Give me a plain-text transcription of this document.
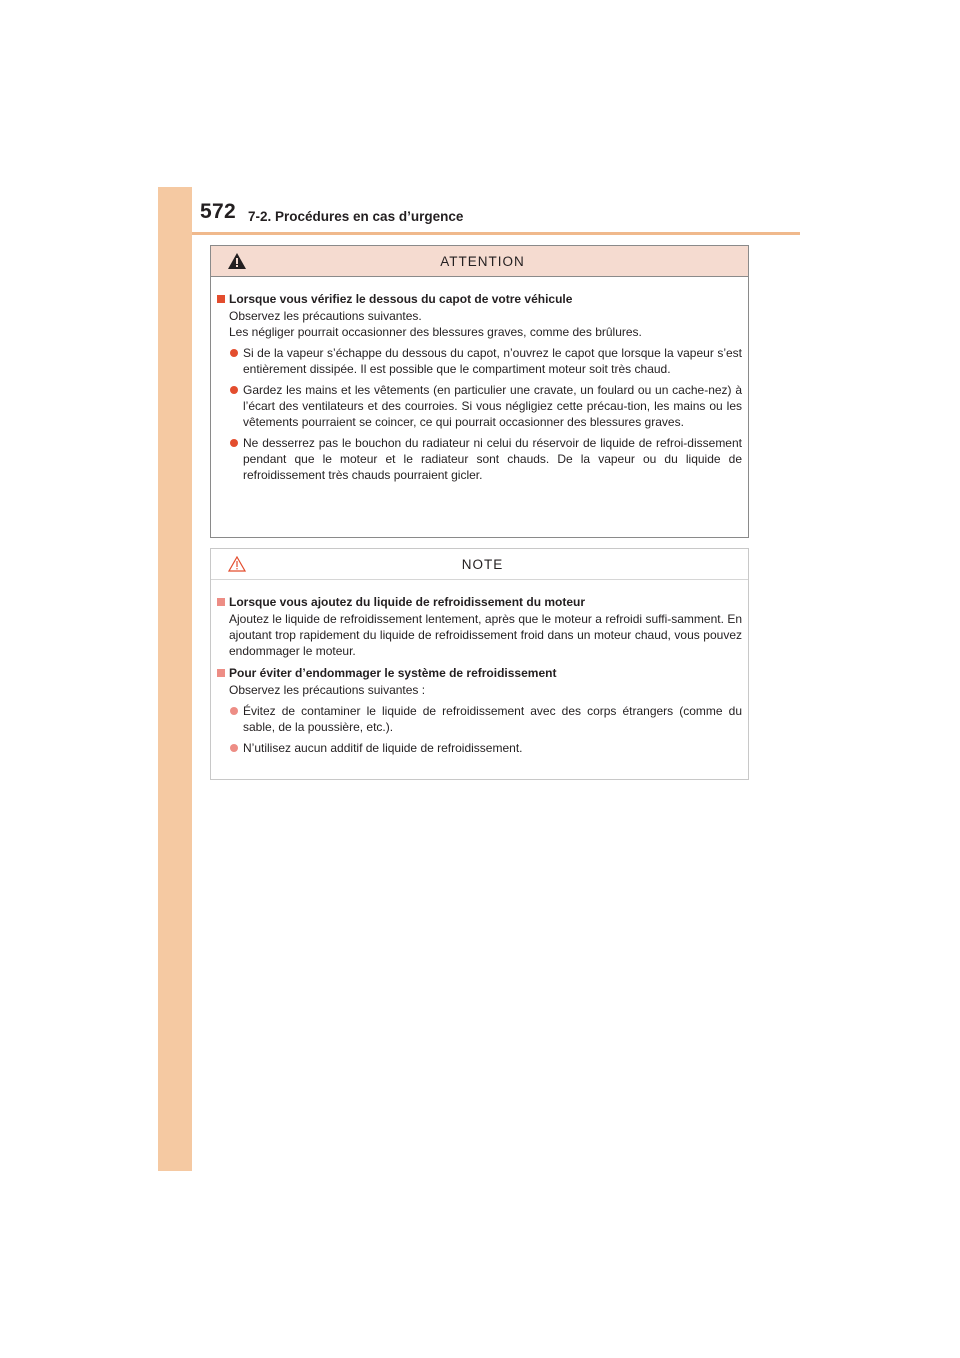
572 7-2. Procédures en cas d’urgence
ATTENTION
Lorsque vous vérifiez le dessous du capot de votre véhicule
Observez les précautions suivantes.
Les négliger pourrait occasionner des blessures graves, comme des brûlures.
Si de la vapeur s’échappe du dessous du capot, n’ouvrez le capot que lorsque la vapeur s’est entièrement dissipée. Il est possible que le compartiment moteur soit très chaud.
Gardez les mains et les vêtements (en particulier une cravate, un foulard ou un cache-nez) à l’écart des ventilateurs et des courroies. Si vous négligiez cette précau-tion, les mains ou les vêtements pourraient se coincer, ce qui pourrait occasionner des blessures graves.
Ne desserrez pas le bouchon du radiateur ni celui du réservoir de liquide de refroi-dissement pendant que le moteur et le radiateur sont chauds. De la vapeur ou du liquide de refroidissement très chauds pourraient gicler.
NOTE
Lorsque vous ajoutez du liquide de refroidissement du moteur
Ajoutez le liquide de refroidissement lentement, après que le moteur a refroidi suffi-samment. En ajoutant trop rapidement du liquide de refroidissement froid dans un moteur chaud, vous pouvez endommager le moteur.
Pour éviter d’endommager le système de refroidissement
Observez les précautions suivantes :
Évitez de contaminer le liquide de refroidissement avec des corps étrangers (comme du sable, de la poussière, etc.).
N’utilisez aucun additif de liquide de refroidissement.
